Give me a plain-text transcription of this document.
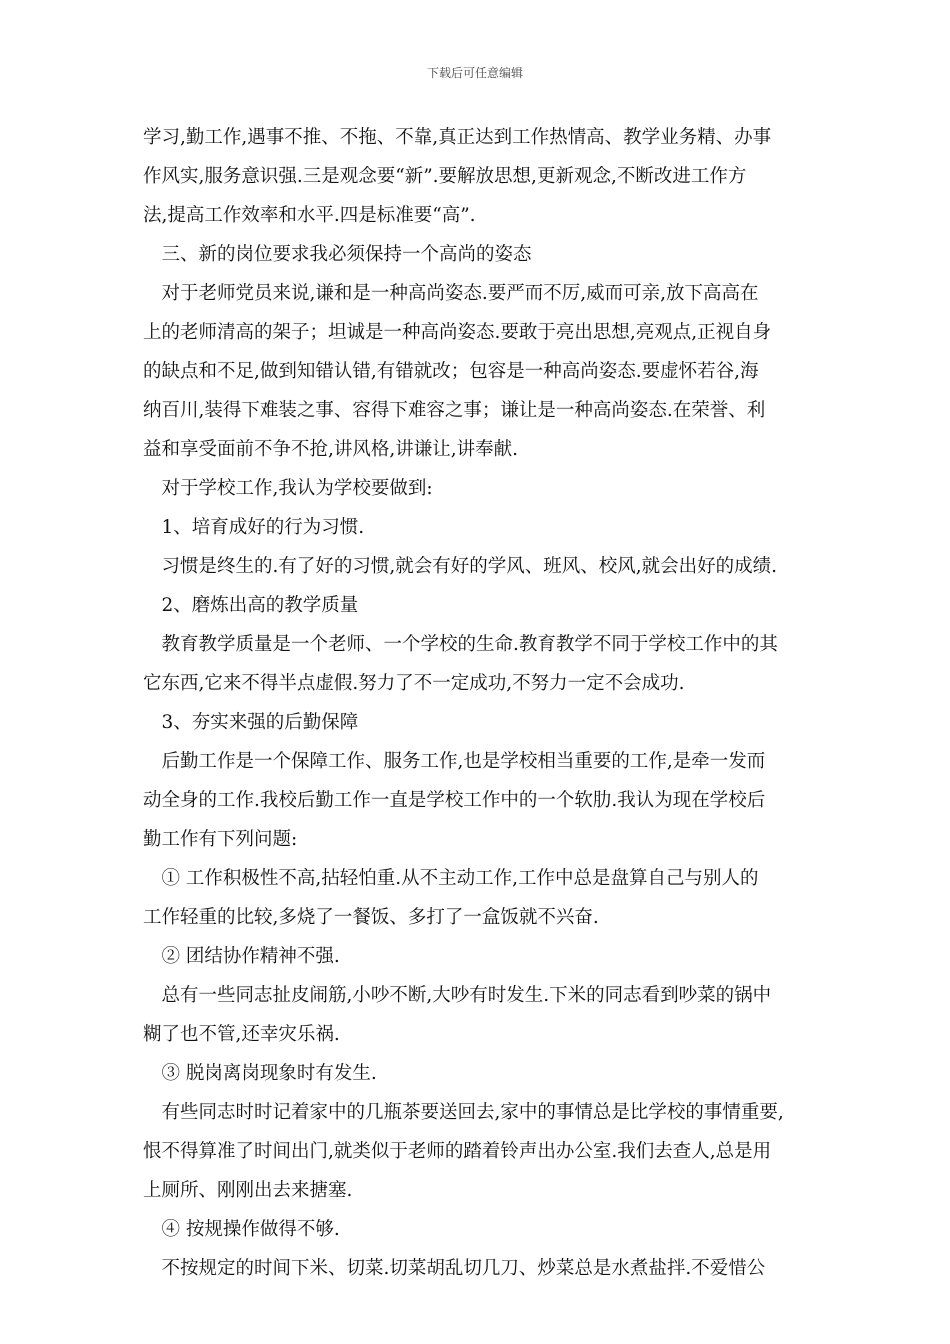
下载后可任意编辑
学习,勤工作,遇事不推、不拖、不靠,真正达到工作热情高、教学业务精、办事
作风实,服务意识强.三是观念要“新”.要解放思想,更新观念,不断改进工作方
法,提高工作效率和水平.四是标准要“高”.
　三、新的岗位要求我必须保持一个高尚的姿态
　对于老师党员来说,谦和是一种高尚姿态.要严而不厉,威而可亲,放下高高在
上的老师清高的架子；坦诚是一种高尚姿态.要敢于亮出思想,亮观点,正视自身
的缺点和不足,做到知错认错,有错就改；包容是一种高尚姿态.要虚怀若谷,海
纳百川,装得下难装之事、容得下难容之事；谦让是一种高尚姿态.在荣誉、利
益和享受面前不争不抢,讲风格,讲谦让,讲奉献.
　对于学校工作,我认为学校要做到:
　1、培育成好的行为习惯.
　习惯是终生的.有了好的习惯,就会有好的学风、班风、校风,就会出好的成绩.
　2、磨炼出高的教学质量
　教育教学质量是一个老师、一个学校的生命.教育教学不同于学校工作中的其
它东西,它来不得半点虚假.努力了不一定成功,不努力一定不会成功.
　3、夯实来强的后勤保障
　后勤工作是一个保障工作、服务工作,也是学校相当重要的工作,是牵一发而
动全身的工作.我校后勤工作一直是学校工作中的一个软肋.我认为现在学校后
勤工作有下列问题:
　① 工作积极性不高,拈轻怕重.从不主动工作,工作中总是盘算自己与别人的
工作轻重的比较,多烧了一餐饭、多打了一盒饭就不兴奋.
　② 团结协作精神不强.
　总有一些同志扯皮闹筋,小吵不断,大吵有时发生.下米的同志看到吵菜的锅中
糊了也不管,还幸灾乐祸.
　③ 脱岗离岗现象时有发生.
　有些同志时时记着家中的几瓶茶要送回去,家中的事情总是比学校的事情重要,
恨不得算准了时间出门,就类似于老师的踏着铃声出办公室.我们去查人,总是用
上厕所、刚刚出去来搪塞.
　④ 按规操作做得不够.
　不按规定的时间下米、切菜.切菜胡乱切几刀、炒菜总是水煮盐拌.不爱惜公
